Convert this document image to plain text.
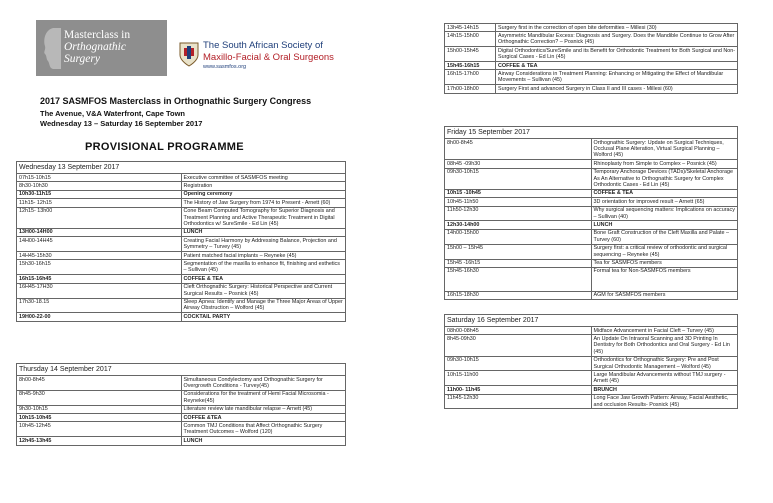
Masterclass in
Orthognathic
Surgery
The South African Society of
Maxillo-Facial & Oral Surgeons
www.sasmfos.org
2017 SASMFOS Masterclass in Orthognathic Surgery Congress
The Avenue, V&A Waterfront, Cape Town
Wednesday 13 – Saturday 16 September 2017
PROVISIONAL PROGRAMME
Wednesday 13 September 2017	
07h15-10h15	Executive committee of SASMFOS meeting
8h30-10h30	Registration
10h30-11h15	Opening ceremony
11h15- 12h15	The History of Jaw Surgery from 1974 to Present - Arnett (60)
12h15- 13h00	Cone Beam Computed Tomography for Superior Diagnosis and Treatment Planning and Active Therapeutic Treatment in Digital Orthodontics w/ SureSmile - Ed Lin (45)
13H00-14H00	LUNCH
14H00-14H45	Creating Facial Harmony by Addressing Balance, Projection and Symmetry – Turvey (45)
14H45-15h30	Patient matched facial implants – Reyneke (45)
15h30-16h15	Segmentation of the maxilla to enhance fit, finishing and esthetics – Sullivan (45)
16h15-16h45	COFFEE & TEA
16H45-17H30	Cleft Orthognathic Surgery: Historical Perspective and Current Surgical Results – Posnick (45)
17h30-18.15	Sleep Apnea: Identify and Manage the Three Major Areas of Upper Airway Obstruction – Wolford (45)
19H00-22-00	COCKTAIL PARTY
Thursday 14 September 2017	
8h00-8h45	Simultaneous Condylectomy and Orthognathic Surgery for Overgrowth Conditions - Turvey(45)
8h45-9h30	Considerations for the treatment of Hemi Facial Microsomia - Reyneke(45)
9h30-10h15	Literature review late mandibular relapse – Arnett (45)
10h15-10h45	COFFEE &TEA
10h45-12h45	Common TMJ Conditions that Affect Orthognathic Surgery Treatment Outcomes – Wolford (120)
12h45-13h45	LUNCH
13h45-14h15	Surgery first in the correction of open bite deformities – Millesi (30)
14h15-15h00	Asymmetric Mandibular Excess: Diagnosis and Surgery. Does the Mandible Continue to Grow After Orthognathic Correction? – Posnick (45)
15h00-15h45	Digital Orthodontics/SureSmile and its Benefit for Orthodontic Treatment for Both Surgical and Non-Surgical Cases - Ed Lin (45)
15h45-16h15	COFFEE & TEA
16h15-17h00	Airway Considerations in Treatment Planning: Enhancing or Mitigating the Effect of Mandibular Movements – Sullivan (45)
17h00-18h00	Surgery First and advanced Surgery in Class II and III cases - Millesi (60)
Friday 15 September 2017	
8h00-8h45	Orthognathic Surgery: Update on Surgical Techniques, Occlusal Plane Alteration, Virtual Surgical Planning – Wolford (45)
08h45 -09h30	Rhinoplasty from Simple to Complex – Posnick (45)
09h30-10h15	Temporary Anchorage Devices (TADs)/Skeletal Anchorage As An Alternative to Orthognathic Surgery for Complex Orthodontic Cases - Ed Lin (45)
10h15 -10h45	COFFEE & TEA
10h45-11h50	3D orientation for improved result – Arnett (65)
11h50-12h30	Why surgical sequencing matters: Implications on accuracy – Sullivan (40)
12h30-14h00	LUNCH
14h00-15h00	Bone Graft Construction of the Cleft Maxilla and Palate – Turvey (60)
15h00 – 15h45	Surgery first: a critical review of orthodontic and surgical sequencing – Reyneke (45)
15h45 -16h15	Tea for SASMFOS members
15h45-16h30	Formal tea for Non-SASMFOS members
16h15-18h30	AGM for SASMFOS members
Saturday 16 September 2017	
08h00-08h45	Midface Advancement in Facial Cleft – Turvey (45)
8h45-09h30	An Update On Intraoral Scanning and 3D Printing In Dentistry for Both Orthodontics and Oral Surgery - Ed Lin (45)
09h30-10h15	Orthodontics for Orthognathic Surgery: Pre and Post Surgical Orthodontic Management – Wolford (45)
10h15-11h00	Large Mandibular Advancements without TMJ surgery - Arnett (45)
11h00- 11h45	BRUNCH
11h45-12h30	Long Face Jaw Growth Pattern: Airway, Facial Aesthetic, and occlusion Results- Posnick (45)
